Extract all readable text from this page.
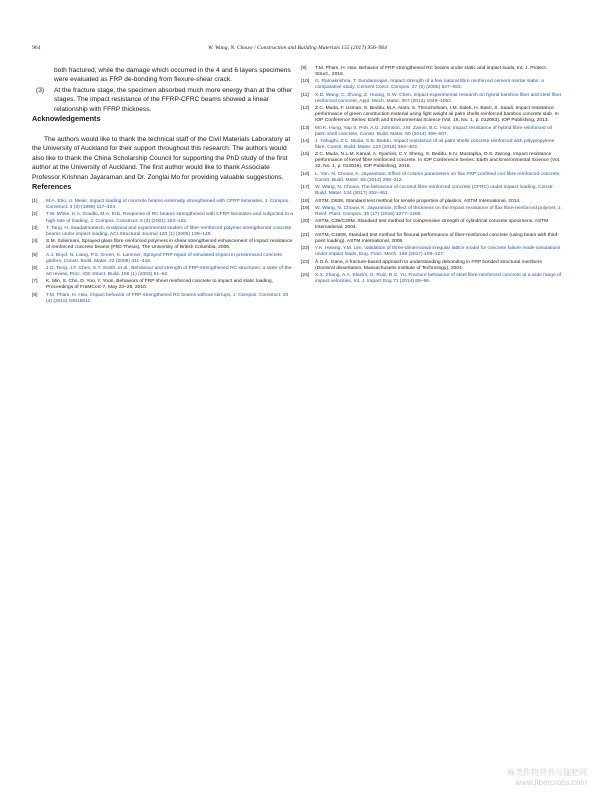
964	W. Wang, N. Chouw / Construction and Building Materials 155 (2017) 956–964

both fractured, while the damage which occurred in the 4 and 6 layers specimens were evaluated as FRP de-bonding from flexure-shear crack.

(3) At the fracture stage, the specimen absorbed much more energy than at the other stages. The impact resistance of the FFRP-CFRC beams showed a linear relationship with FFRP thickness.
Acknowledgements

The authors would like to thank the technical staff of the Civil Materials Laboratory at the University of Auckland for their support throughout this research. The authors would also like to thank the China Scholarship Council for supporting the PhD study of the first author at the University of Auckland. The first author would like to thank Associate Professor Krishnan Jayaraman and Dr. Zonglai Mo for providing valuable suggestions.

References
[1] M.A. Erki, U. Meier, Impact loading of concrete beams externally strengthened with CFRP laminates, J. Compos. Construct. 3 (3) (1999) 117–124.
[2] T.W. White, K.A. Soudki, M.A. Erki, Response of RC beams strengthened with CFRP laminates and subjected to a high rate of loading, J. Compos. Construct. 5 (3) (2001) 153–162.
[3] T. Tang, H. Saadatmanesh, Analytical and experimental studies of fiber-reinforced polymer-strengthened concrete beams under impact loading, ACI Structural Journal 120 (1) (2005) 139–149.
[4] S.M. Soleimani, Sprayed glass fibre reinforced polymers in shear strengthened enhancement of impact resistance of reinforced concrete beams (PhD Thesis), The University of British Columbia, 2006.
[5] A.J. Boyd, N. Liang, P.S. Green, K. Lammer, Sprayed FRP repair of simulated impact in prestressed concrete girders, Constr. Build. Mater. 22 (2008) 411–416.
[6] J.G. Teng, J.F. Chen, S.T. Smith, et al., Behaviour and strength of FRP-strengthened RC structures: a state-of-the-art review, Proc. ICE-Struct. Build. 156 (1) (2003) 51–62.
[7] K. Min, S. Cho, D. Yoo, Y. Yoon, Behaviors of FRP sheet reinforced concrete to impact and static loading, Proceedings of FraMCoS-7, May 23–28, 2010.
[8] T.M. Pham, H. Hao, Impact behavior of FRP-strengthened RC beams without stirrups, J. Compos. Construct. 20 (4) (2016) 04016011.
[9] T.M. Pham, H. Hao, Behavior of FRP strengthened RC beams under static and impact loads, Int. J. Protect. Struct., 2016.
[10] G. Ramakrishna, T. Sundararajan, Impact strength of a few natural fibre reinforced cement mortar slabs: a comparative study, Cement Concr. Compos. 27 (5) (2005) 547–553.
[11] X.D. Wang, C. Zhang, Z. Huang, G.W. Chen, Impact experimental research on hybrid bamboo fiber and steel fiber reinforced concrete, Appl. Mech. Mater. 357 (2013) 1048–1052.
[12] Z.C. Muda, F. Usman, S. Beddu, M.A. Alam, S. Thiruchelvam, I.M. Sidek, H. Basri, S. Saadi, Impact resistance performance of green construction material using light weight oil palm shells reinforced bamboo concrete slab. In IOP Conference Series: Earth and Environmental Science (Vol. 16, No. 1, p. 012063). IOP Publishing, 2013.
[13] Mo K. Hung, Yap S. Poh, A.U. Johnson, J.M. Zamin, B.C. Hooi, Impact resistance of hybrid fibre-reinforced oil palm shell concrete, Constr. Build. Mater. 50 (2014) 499–507.
[14] J. Yahaghi, Z.C. Muda, S.B. Beddu, Impact resistance of oil palm shells concrete reinforced with polypropylene fibre, Constr. Build. Mater. 123 (2016) 394–403.
[15] Z.C. Muda, N.L.M. Kamal, A. Syamsir, C.Y. Sheng, S. Beddu, K.N. Mustapha, O.S. Zaroog, Impact resistance performance of kenaf fibre reinforced concrete. In IOP Conference Series: Earth and Environmental Science (Vol. 32, No. 1, p. 012019). IOP Publishing, 2016.
[16] L. Yan, N. Chouw, K. Jayaraman, Effect of column parameters on flax FRP confined coir fibre reinforced concrete, Constr. Build. Mater. 55 (2014) 299–312.
[17] W. Wang, N. Chouw, The behaviour of coconut fibre reinforced concrete (CFRC) under impact loading, Constr. Build. Mater. 134 (2017) 452–461.
[18] ASTM, D638, Standard test method for tensile properties of plastics. ASTM International, 2014.
[19] W. Wang, N. Chouw, K. Jayaraman, Effect of thickness on the impact resistance of flax fibre-reinforced polymer, J. Reinf. Plast. Compos. 35 (17) (2016) 1277–1289.
[20] ASTM, C39/C39M. Standard test method for compressive strength of cylindrical concrete specimens. ASTM International, 2004.
[21] ASTM, C1609, Standard test method for flexural performance of fiber-reinforced concrete (using beam with third-point loading). ASTM International, 2005.
[22] Y.K. Hwang, Y.M. Lim, Validation of three-dimensional irregular lattice model for concrete failure mode simulations under impact loads, Eng. Fract. Mech. 169 (2017) 109–127.
[23] Å.G.Å. Güne, A fracture-based approach to understanding debonding in FRP bonded structural members (Doctoral dissertation, Massachusetts Institute of Technology), 2004.
[24] X.X. Zhang, A.A. Elazim, G. Ruiz, R.C. Yu, Fracture behaviour of steel fibre-reinforced concrete at a wide range of impact velocities, Int. J. Impact Eng 71 (2014) 89–96.
麻类作物营养与施肥网
www.fibercrops.com
